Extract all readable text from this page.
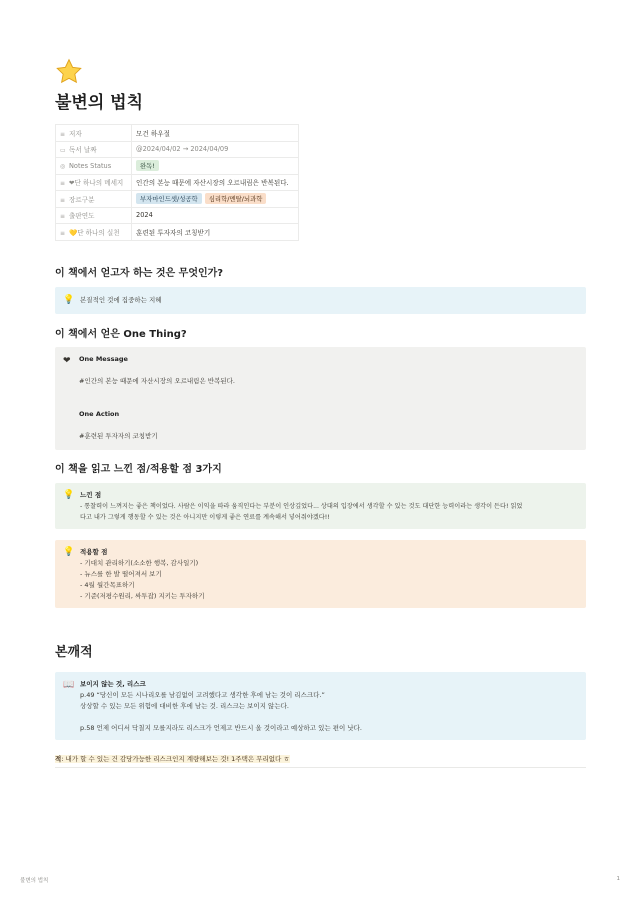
불변의 법칙
≡ 저자	모건 하우절
▭ 독서 날짜	@2024/04/02 → 2024/04/09
◎ Notes Status	완독!
≡ ❤단 하나의 메세지	인간의 본능 때문에 자산시장의 오르내림은 반복된다.
≡ 장르구분	부자마인드셋/성공학 심리학/멘탈/뇌과학
≡ 출판연도	2024
≡ 💛단 하나의 실천	훈련된 투자자의 코칭받기
이 책에서 얻고자 하는 것은 무엇인가?
💡 본질적인 것에 집중하는 지혜
이 책에서 얻은 One Thing?
❤ One Message
#인간의 본능 때문에 자산시장의 오르내림은 반복된다.
One Action
#훈련된 투자자의 코칭받기
이 책을 읽고 느낀 점/적용할 점 3가지
💡 느낀 점
- 통찰력이 느껴지는 좋은 책이었다. 사람은 이익을 따라 움직인다는 부분이 인상깊었다... 상대의 입장에서 생각할 수 있는 것도 대단한 능력이라는 생각이 든다! 읽었
다고 내가 그렇게 행동할 수 있는 것은 아니지만 이렇게 좋은 연료를 계속해서 넣어줘야겠다!!
💡 적용할 점
- 기대치 관리하기(소소한 행복, 감사일기)
- 뉴스를 한 발 떨어져서 보기
- 4월 월간목표하기
- 기준(저평수원리, 싸투잡) 지키는 투자하기
본깨적
📖 보이지 않는 것, 리스크
p.49 “당신이 모든 시나리오를 남김없이 고려했다고 생각한 후에 남는 것이 리스크다.”
상상할 수 있는 모든 위험에 대비한 후에 남는 것. 리스크는 보이지 않는다.
p.58 언제 어디서 닥칠지 모를지라도 리스크가 언제고 반드시 올 것이라고 예상하고 있는 편이 낫다.
적: 내가 할 수 있는 건 감당가능한 리스크인지 계량해보는 것! 1주택은 무리없다 ㅎ
불변의 법칙	1
